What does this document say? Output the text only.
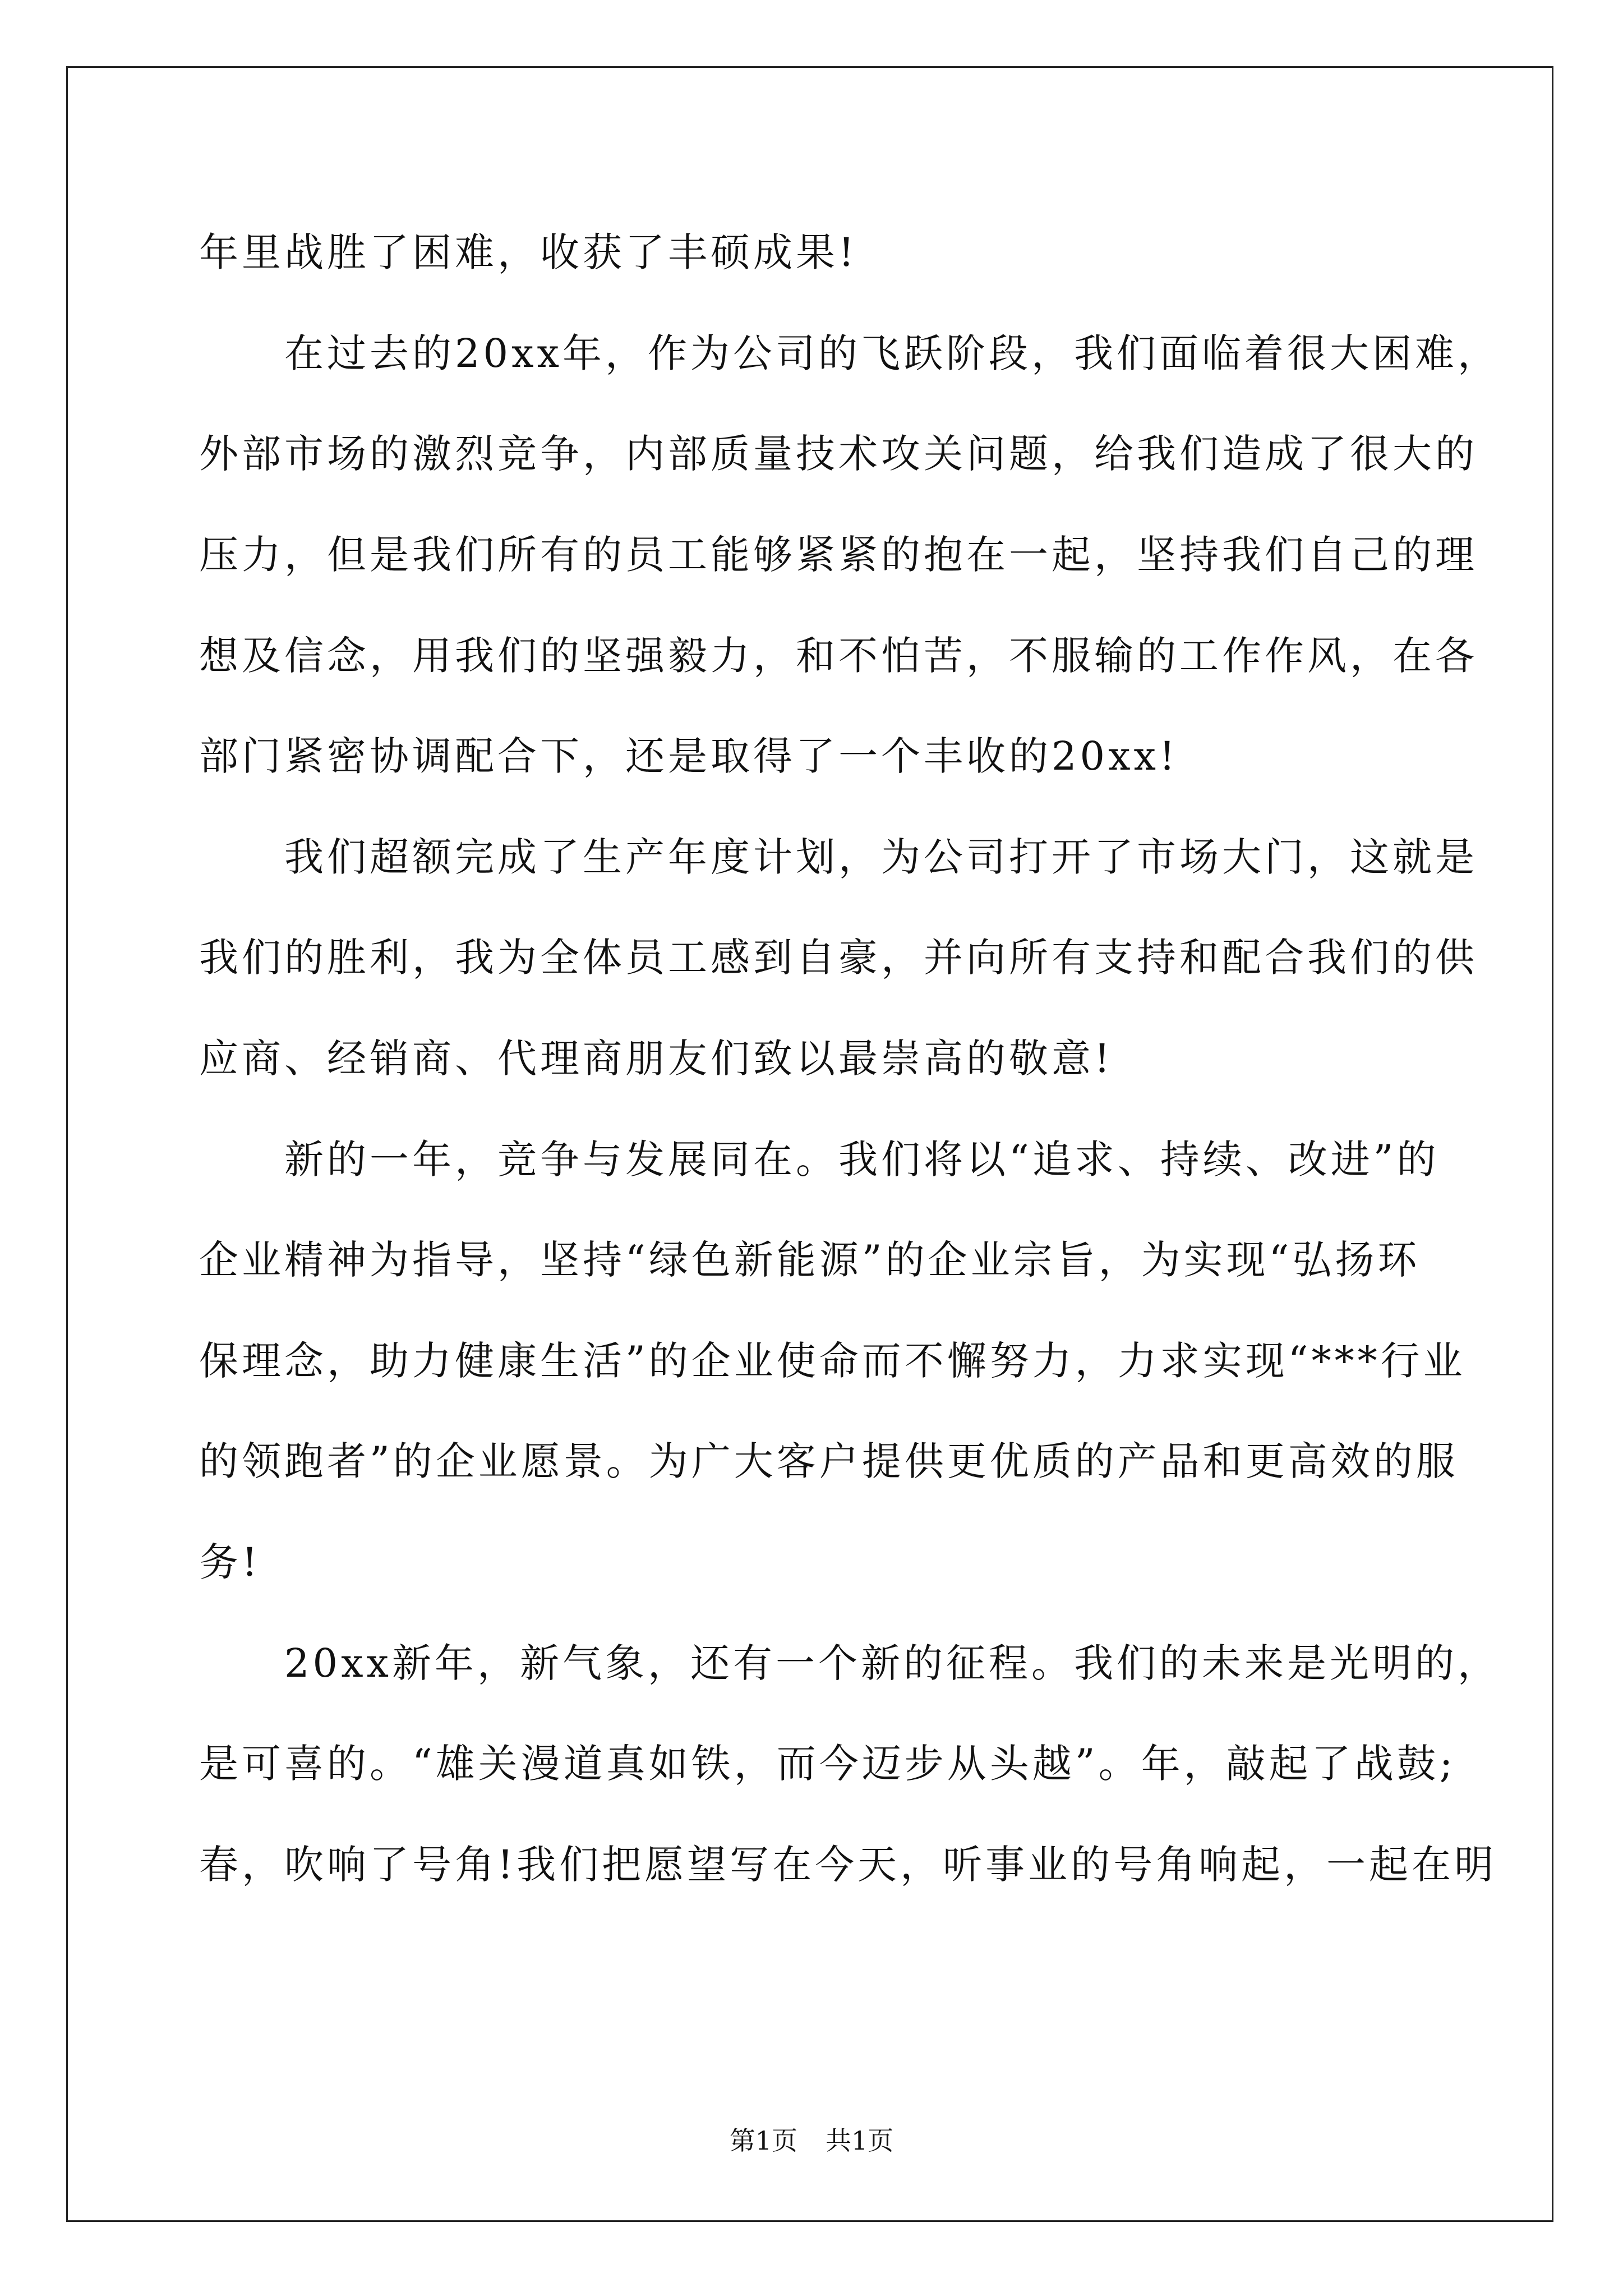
年里战胜了困难，收获了丰硕成果!
　　在过去的20xx年，作为公司的飞跃阶段，我们面临着很大困难，
外部市场的激烈竞争，内部质量技术攻关问题，给我们造成了很大的
压力，但是我们所有的员工能够紧紧的抱在一起，坚持我们自己的理
想及信念，用我们的坚强毅力，和不怕苦，不服输的工作作风，在各
部门紧密协调配合下，还是取得了一个丰收的20xx!
　　我们超额完成了生产年度计划，为公司打开了市场大门，这就是
我们的胜利，我为全体员工感到自豪，并向所有支持和配合我们的供
应商、经销商、代理商朋友们致以最崇高的敬意!
　　新的一年，竞争与发展同在。我们将以“追求、持续、改进”的
企业精神为指导，坚持“绿色新能源”的企业宗旨，为实现“弘扬环
保理念，助力健康生活”的企业使命而不懈努力，力求实现“***行业
的领跑者”的企业愿景。为广大客户提供更优质的产品和更高效的服
务!
　　20xx新年，新气象，还有一个新的征程。我们的未来是光明的，
是可喜的。“雄关漫道真如铁，而今迈步从头越”。年，敲起了战鼓;
春，吹响了号角!我们把愿望写在今天，听事业的号角响起，一起在明
第1页 共1页
